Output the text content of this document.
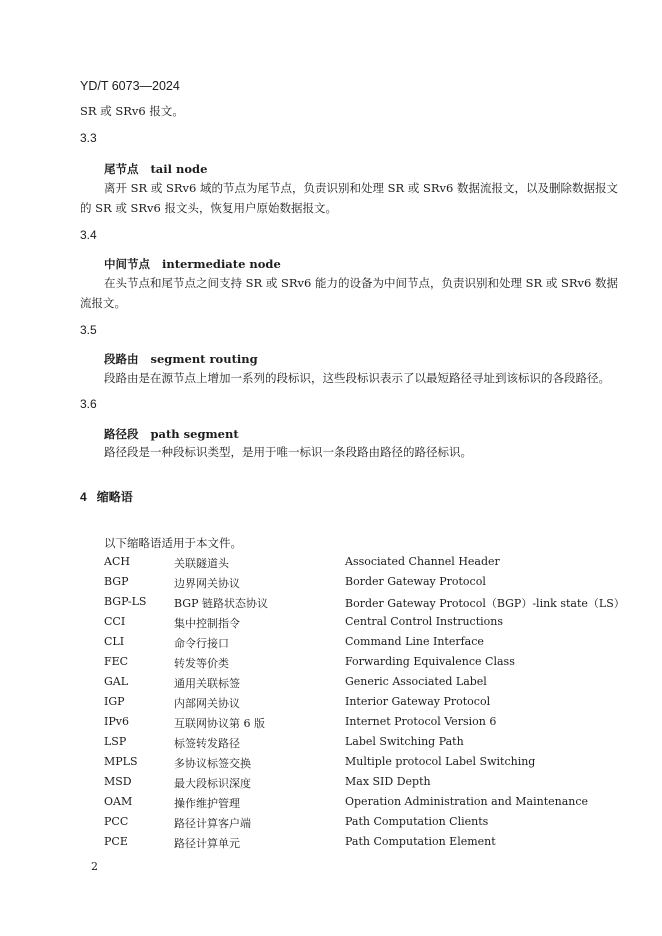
YD/T 6073—2024
SR 或 SRv6 报文。
3.3
尾节点 tail node
离开 SR 或 SRv6 域的节点为尾节点，负责识别和处理 SR 或 SRv6 数据流报文，以及删除数据报文
的 SR 或 SRv6 报文头，恢复用户原始数据报文。
3.4
中间节点 intermediate node
在头节点和尾节点之间支持 SR 或 SRv6 能力的设备为中间节点，负责识别和处理 SR 或 SRv6 数据
流报文。
3.5
段路由 segment routing
段路由是在源节点上增加一系列的段标识，这些段标识表示了以最短路径寻址到该标识的各段路径。
3.6
路径段 path segment
路径段是一种段标识类型，是用于唯一标识一条段路由路径的路径标识。
4 缩略语
以下缩略语适用于本文件。
ACH	关联隧道头	Associated Channel Header
BGP	边界网关协议	Border Gateway Protocol
BGP-LS	BGP 链路状态协议	Border Gateway Protocol（BGP）-link state（LS）
CCI	集中控制指令	Central Control Instructions
CLI	命令行接口	Command Line Interface
FEC	转发等价类	Forwarding Equivalence Class
GAL	通用关联标签	Generic Associated Label
IGP	内部网关协议	Interior Gateway Protocol
IPv6	互联网协议第 6 版	Internet Protocol Version 6
LSP	标签转发路径	Label Switching Path
MPLS	多协议标签交换	Multiple protocol Label Switching
MSD	最大段标识深度	Max SID Depth
OAM	操作维护管理	Operation Administration and Maintenance
PCC	路径计算客户端	Path Computation Clients
PCE	路径计算单元	Path Computation Element
2
